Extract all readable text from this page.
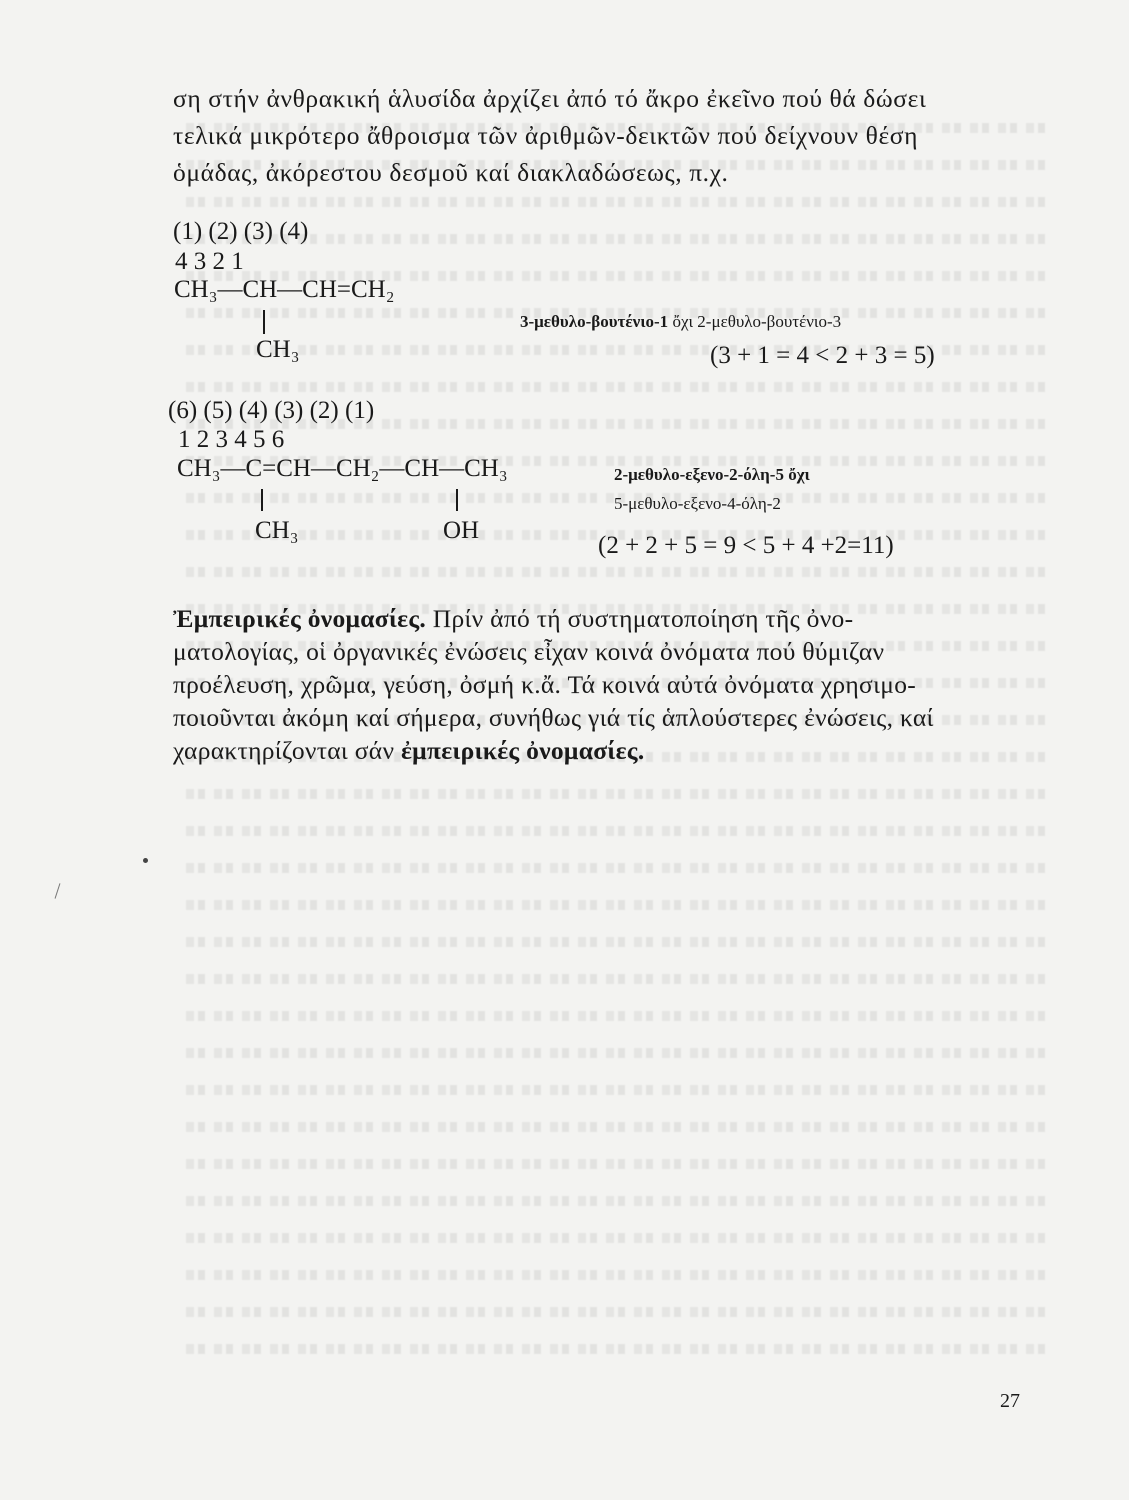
ση στήν ἀνθρακική ἁλυσίδα ἀρχίζει ἀπό τό ἄκρο ἐκεῖνο πού θά δώσει
τελικά μικρότερο ἄθροισμα τῶν ἀριθμῶν-δεικτῶν πού δείχνουν θέση
ὁμάδας, ἀκόρεστου δεσμοῦ καί διακλαδώσεως, π.χ.
(1) (2) (3) (4)
4 3 2 1
CH₃—CH—CH=CH₂
CH₃
3-μεθυλο-βουτένιο-1 ὄχι 2-μεθυλο-βουτένιο-3
(3 + 1 = 4 < 2 + 3 = 5)
(6) (5) (4) (3) (2) (1)
1 2 3 4 5 6
CH₃—C=CH—CH₂—CH—CH₃
CH₃	OH
2-μεθυλο-εξενο-2-όλη-5 ὄχι
5-μεθυλο-εξενο-4-όλη-2
(2 + 2 + 5 = 9 < 5 + 4 +2=11)
Ἐμπειρικές ὀνομασίες. Πρίν ἀπό τή συστηματοποίηση τῆς ὀνο-
ματολογίας, οἱ ὀργανικές ἐνώσεις εἶχαν κοινά ὀνόματα πού θύμιζαν
προέλευση, χρῶμα, γεύση, ὀσμή κ.ἄ. Τά κοινά αὐτά ὀνόματα χρησιμο-
ποιοῦνται ἀκόμη καί σήμερα, συνήθως γιά τίς ἁπλούστερες ἐνώσεις, καί
χαρακτηρίζονται σάν ἐμπειρικές ὀνομασίες.
27
